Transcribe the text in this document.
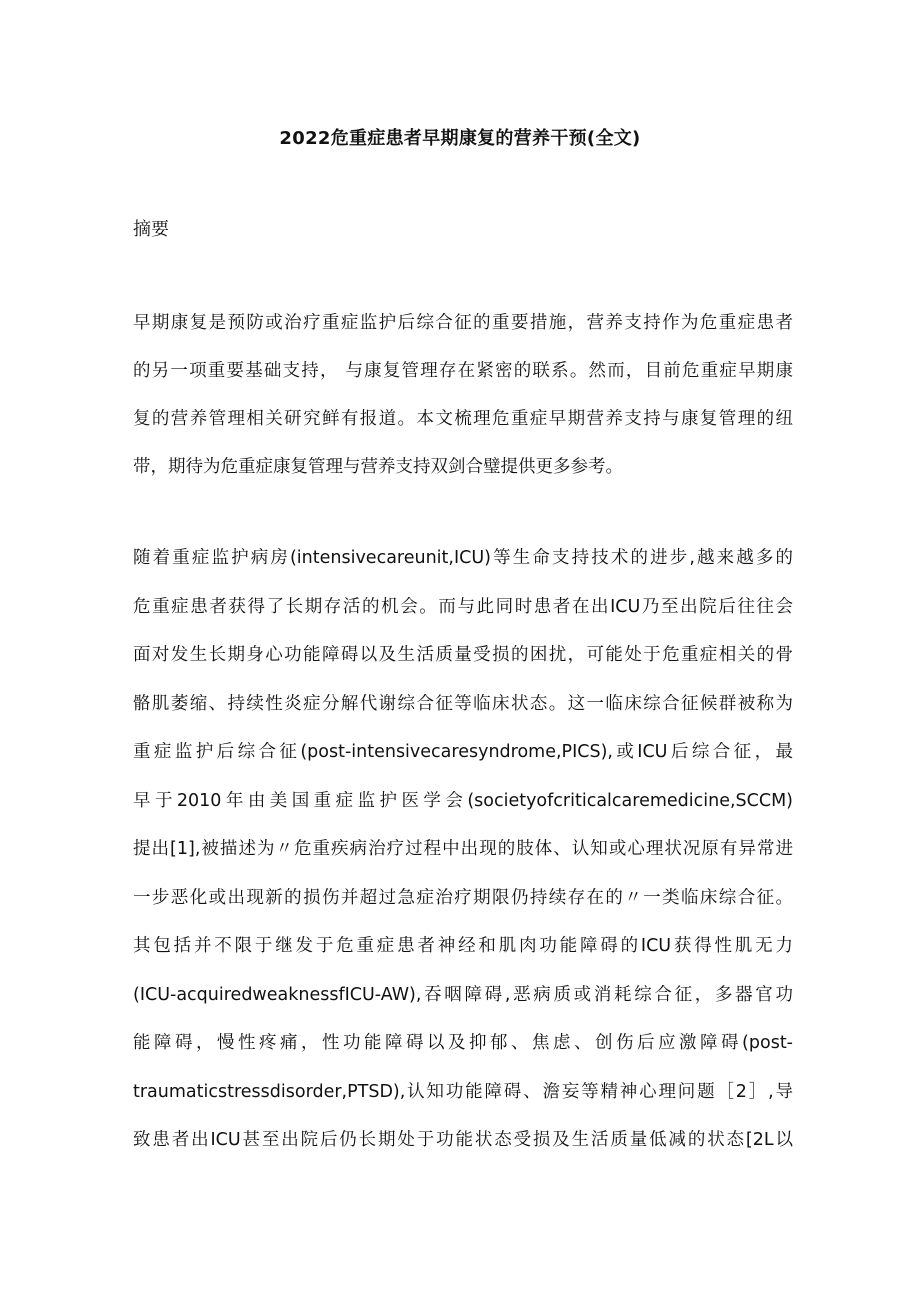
2022危重症患者早期康复的营养干预(全文)
摘要
早期康复是预防或治疗重症监护后综合征的重要措施，营养支持作为危重症患者
的另一项重要基础支持， 与康复管理存在紧密的联系。然而，目前危重症早期康
复的营养管理相关研究鲜有报道。本文梳理危重症早期营养支持与康复管理的纽
带，期待为危重症康复管理与营养支持双剑合璧提供更多参考。
随着重症监护病房(intensivecareunit,ICU)等生命支持技术的进步,越来越多的
危重症患者获得了长期存活的机会。而与此同时患者在出ICU乃至出院后往往会
面对发生长期身心功能障碍以及生活质量受损的困扰，可能处于危重症相关的骨
骼肌萎缩、持续性炎症分解代谢综合征等临床状态。这一临床综合征候群被称为
重症监护后综合征(post-intensivecaresyndrome,PICS),或ICU后综合征，最
早于2010年由美国重症监护医学会(societyofcriticalcaremedicine,SCCM)
提出[1],被描述为〃危重疾病治疗过程中出现的肢体、认知或心理状况原有异常进
一步恶化或出现新的损伤并超过急症治疗期限仍持续存在的〃一类临床综合征。
其包括并不限于继发于危重症患者神经和肌肉功能障碍的ICU获得性肌无力
(ICU-acquiredweaknessfICU-AW),吞咽障碍,恶病质或消耗综合征，多器官功
能障碍，慢性疼痛，性功能障碍以及抑郁、焦虑、创伤后应激障碍(post-
traumaticstressdisorder,PTSD),认知功能障碍、澹妄等精神心理问题［2］,导
致患者出ICU甚至出院后仍长期处于功能状态受损及生活质量低减的状态[2L以
